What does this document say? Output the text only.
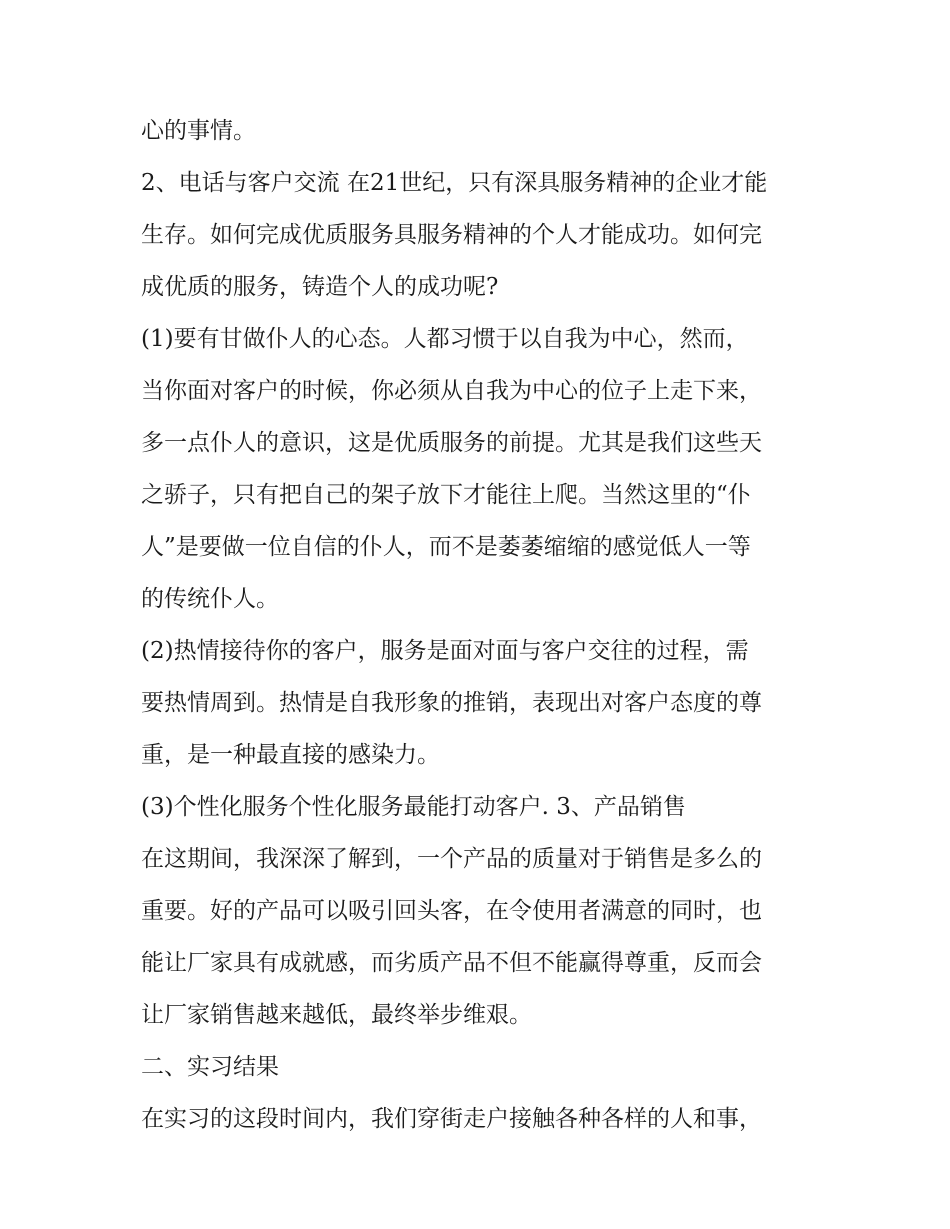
心的事情。
2、电话与客户交流 在21世纪，只有深具服务精神的企业才能
生存。如何完成优质服务具服务精神的个人才能成功。如何完
成优质的服务，铸造个人的成功呢?
(1)要有甘做仆人的心态。人都习惯于以自我为中心，然而，
当你面对客户的时候，你必须从自我为中心的位子上走下来，
多一点仆人的意识，这是优质服务的前提。尤其是我们这些天
之骄子，只有把自己的架子放下才能往上爬。当然这里的“仆
人”是要做一位自信的仆人，而不是萎萎缩缩的感觉低人一等
的传统仆人。
(2)热情接待你的客户，服务是面对面与客户交往的过程，需
要热情周到。热情是自我形象的推销，表现出对客户态度的尊
重，是一种最直接的感染力。
(3)个性化服务个性化服务最能打动客户. 3、产品销售
在这期间，我深深了解到，一个产品的质量对于销售是多么的
重要。好的产品可以吸引回头客，在令使用者满意的同时，也
能让厂家具有成就感，而劣质产品不但不能赢得尊重，反而会
让厂家销售越来越低，最终举步维艰。
二、实习结果
在实习的这段时间内，我们穿街走户接触各种各样的人和事，
